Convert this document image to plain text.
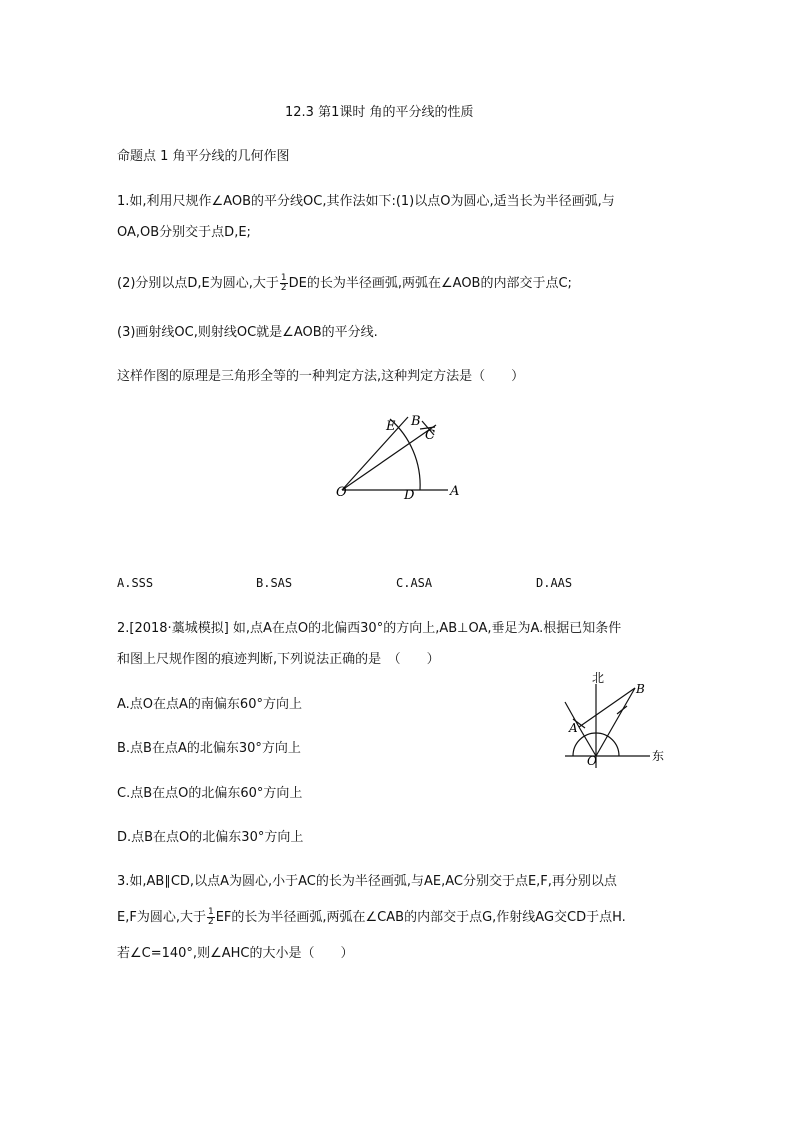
12.3 第1课时 角的平分线的性质
命题点 1 角平分线的几何作图
1.如,利用尺规作∠AOB的平分线OC,其作法如下:(1)以点O为圆心,适当长为半径画弧,与
OA,OB分别交于点D,E;
(2)分别以点D,E为圆心,大于 $\frac{1}{2}$ DE的长为半径画弧,两弧在∠AOB的内部交于点C;
(3)画射线OC,则射线OC就是∠AOB的平分线.
这样作图的原理是三角形全等的一种判定方法,这种判定方法是（　　）
E B
C
O	D	A
A.SSS	B.SAS	C.ASA	D.AAS
2.[2018·藁城模拟] 如,点A在点O的北偏西30°的方向上,AB⊥OA,垂足为A.根据已知条件
和图上尺规作图的痕迹判断,下列说法正确的是　（　　）
A.点O在点A的南偏东60°方向上
B.点B在点A的北偏东30°方向上
C.点B在点O的北偏东60°方向上
D.点B在点O的北偏东30°方向上
北
东
B
A
O
3.如,AB∥CD,以点A为圆心,小于AC的长为半径画弧,与AE,AC分别交于点E,F,再分别以点
E,F为圆心,大于 $\frac{1}{2}$ EF的长为半径画弧,两弧在∠CAB的内部交于点G,作射线AG交CD于点H.
若∠C=140°,则∠AHC的大小是（　　）
